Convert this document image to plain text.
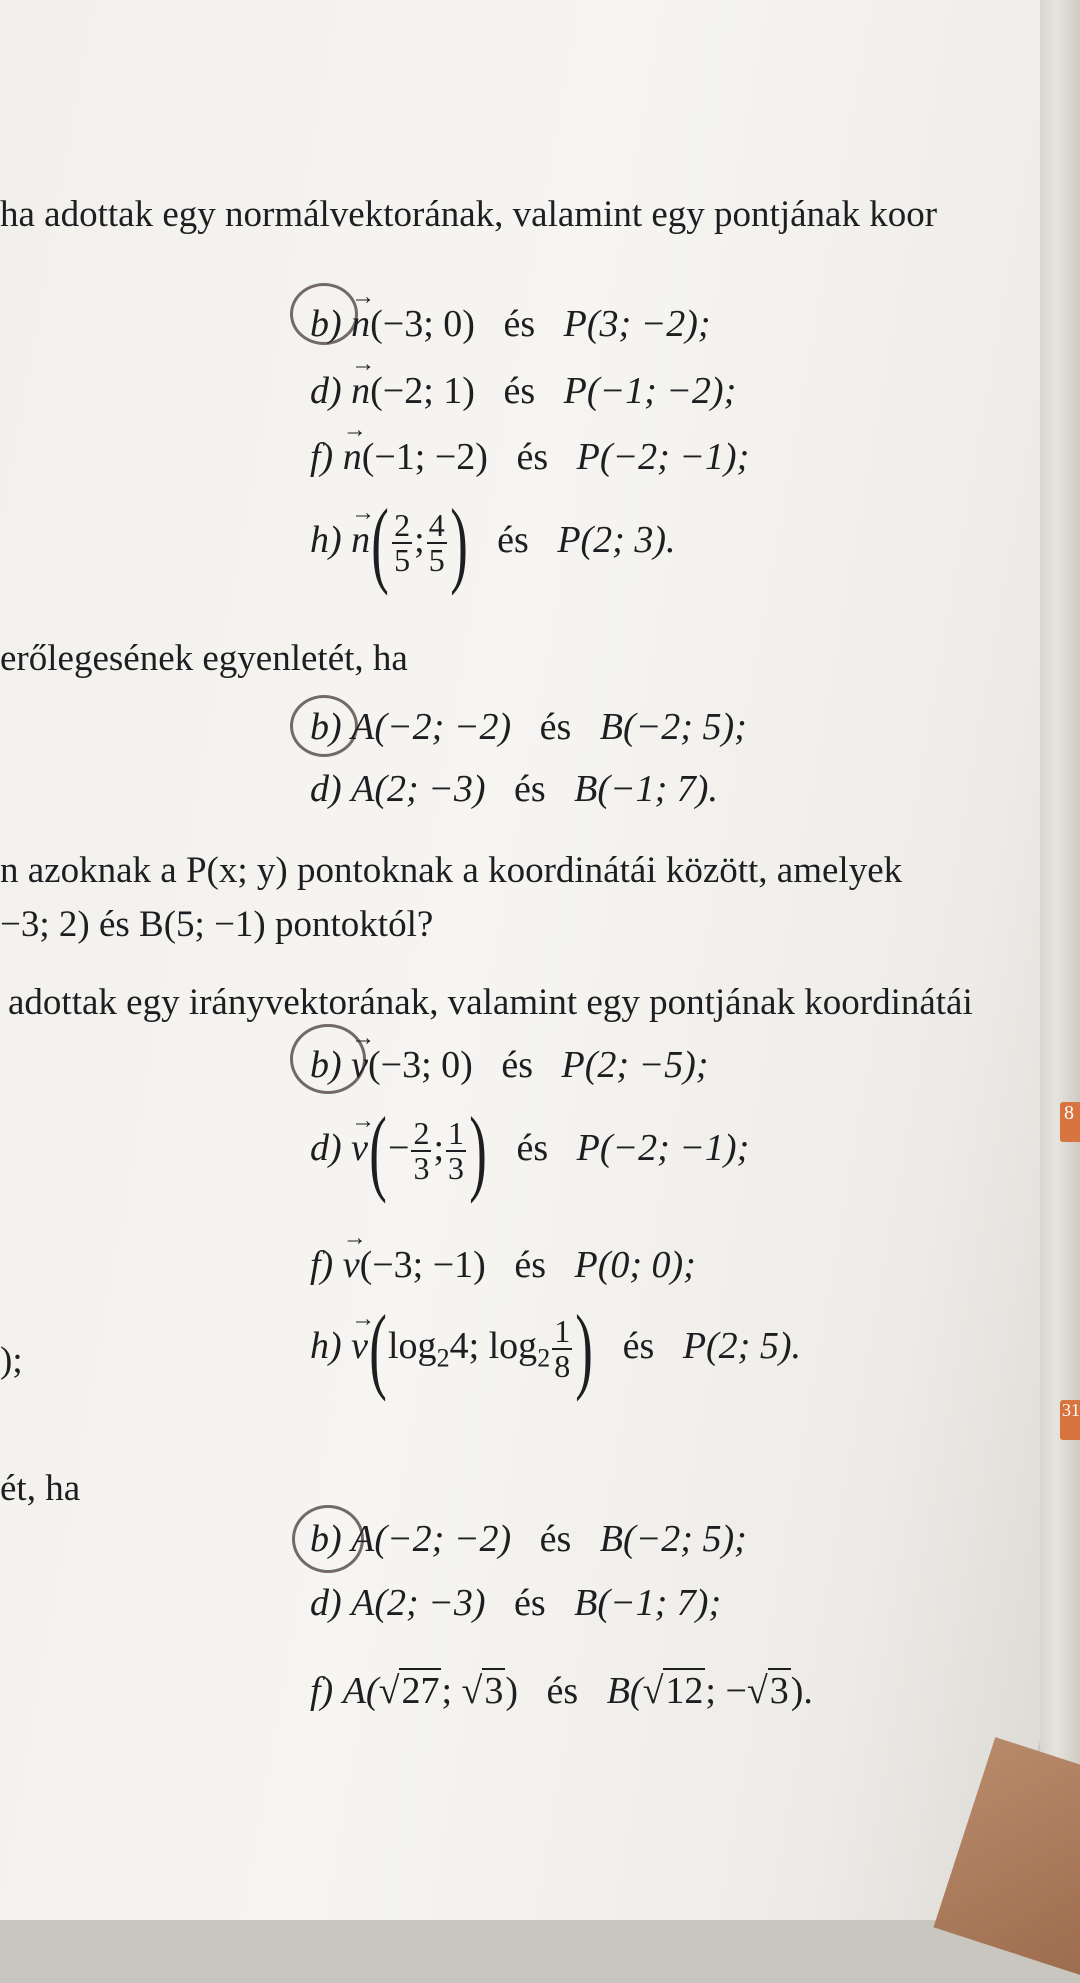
8
31
ha adottak egy normálvektorának, valamint egy pontjának koor
b) → n(−3; 0) és P(3; −2);
d) → n(−2; 1) és P(−1; −2);
f) → n(−1; −2) és P(−2; −1);
$h) \to n( \frac{2}{5}$ ; $\frac{4}{5}$ ) és P(2; 3).
erőlegesének egyenletét, ha
b) A(−2; −2) és B(−2; 5);
d) A(2; −3) és B(−1; 7).
n azoknak a P(x; y) pontoknak a koordinátái között, amelyek
−3; 2) és B(5; −1) pontoktól?
adottak egy irányvektorának, valamint egy pontjának koordinátái
b) → v(−3; 0) és P(2; −5);
$d) \to v(- \frac{2}{3}$ ; $\frac{1}{3}$ ) és P(−2; −1);
f) → v(−3; −1) és P(0; 0);
);	$h) \to v(\log_24$; $\log_2 \frac{1}{8}$ ) és P(2; 5).
ét, ha
b) A(−2; −2) és B(−2; 5);
d) A(2; −3) és B(−1; 7);
f) A(√27; √3) és B(√12; −√3).
